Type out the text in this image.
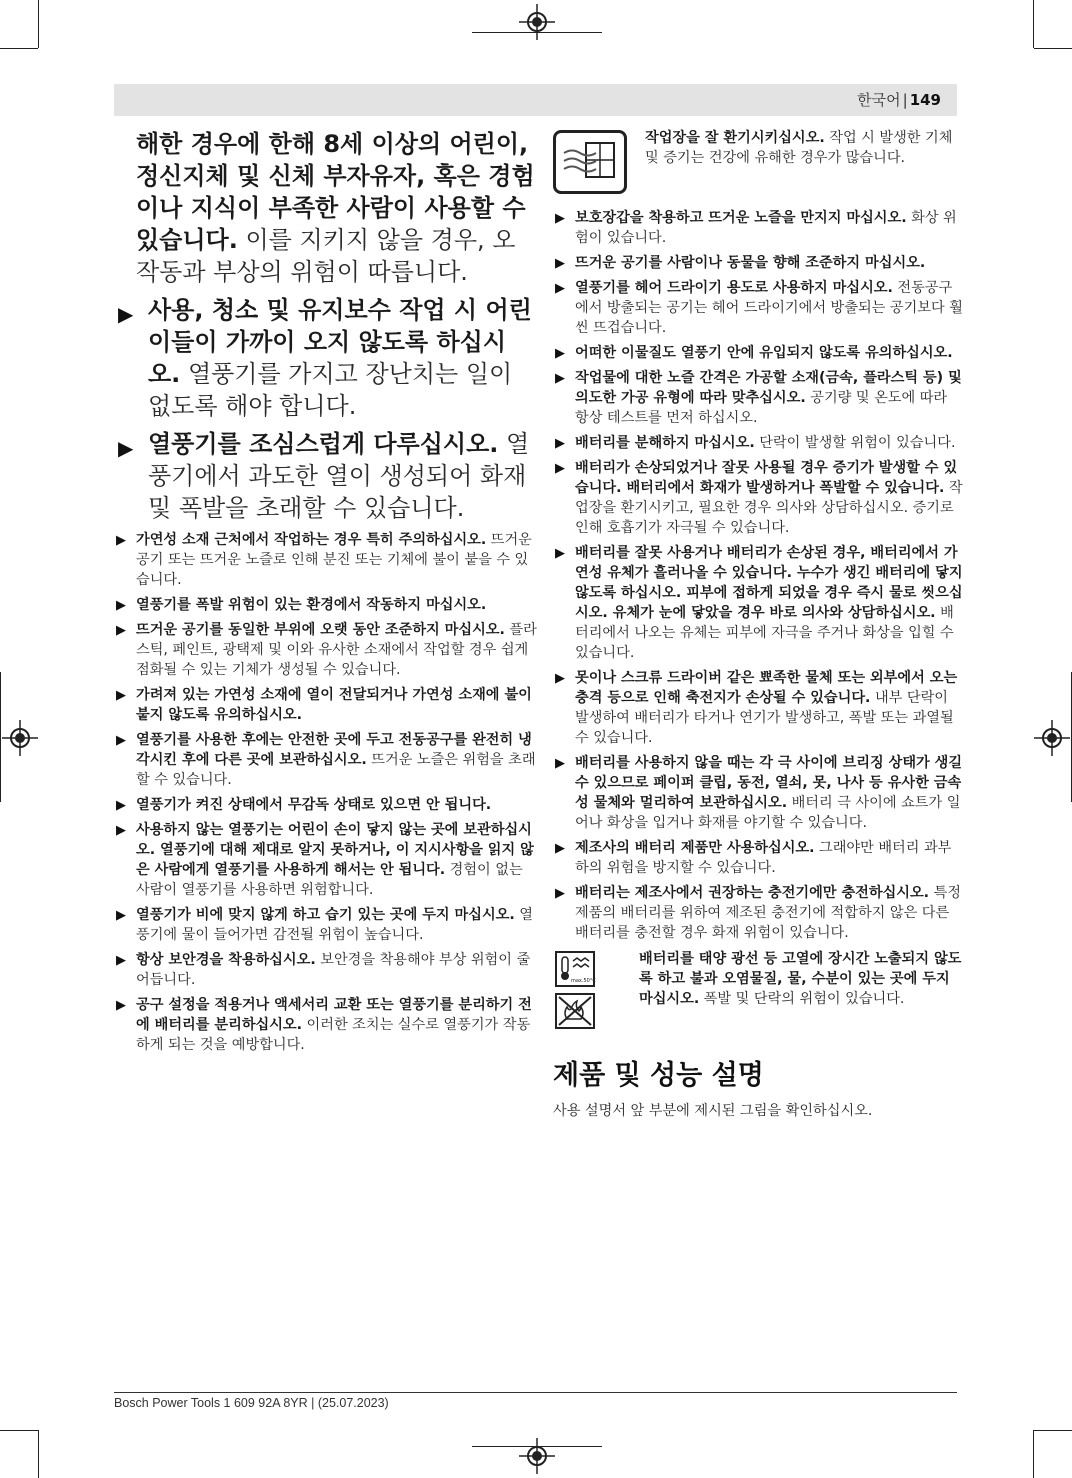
한국어 | 149
해한 경우에 한해 8세 이상의 어린이, 정신지체 및 신체 부자유자, 혹은 경험이나 지식이 부족한 사람이 사용할 수 있습니다. 이를 지키지 않을 경우, 오작동과 부상의 위험이 따릅니다.
▶ 사용, 청소 및 유지보수 작업 시 어린이들이 가까이 오지 않도록 하십시오. 열풍기를 가지고 장난치는 일이 없도록 해야 합니다.
▶ 열풍기를 조심스럽게 다루십시오. 열풍기에서 과도한 열이 생성되어 화재 및 폭발을 초래할 수 있습니다.
▶ 가연성 소재 근처에서 작업하는 경우 특히 주의하십시오. 뜨거운 공기 또는 뜨거운 노즐로 인해 분진 또는 기체에 불이 붙을 수 있습니다.
▶ 열풍기를 폭발 위험이 있는 환경에서 작동하지 마십시오.
▶ 뜨거운 공기를 동일한 부위에 오랫 동안 조준하지 마십시오. 플라스틱, 페인트, 광택제 및 이와 유사한 소재에서 작업할 경우 쉽게 점화될 수 있는 기체가 생성될 수 있습니다.
▶ 가려져 있는 가연성 소재에 열이 전달되거나 가연성 소재에 불이 붙지 않도록 유의하십시오.
▶ 열풍기를 사용한 후에는 안전한 곳에 두고 전동공구를 완전히 냉각시킨 후에 다른 곳에 보관하십시오. 뜨거운 노즐은 위험을 초래할 수 있습니다.
▶ 열풍기가 켜진 상태에서 무감독 상태로 있으면 안 됩니다.
▶ 사용하지 않는 열풍기는 어린이 손이 닿지 않는 곳에 보관하십시오. 열풍기에 대해 제대로 알지 못하거나, 이 지시사항을 읽지 않은 사람에게 열풍기를 사용하게 해서는 안 됩니다. 경험이 없는 사람이 열풍기를 사용하면 위험합니다.
▶ 열풍기가 비에 맞지 않게 하고 습기 있는 곳에 두지 마십시오. 열풍기에 물이 들어가면 감전될 위험이 높습니다.
▶ 항상 보안경을 착용하십시오. 보안경을 착용해야 부상 위험이 줄어듭니다.
▶ 공구 설정을 적용거나 액세서리 교환 또는 열풍기를 분리하기 전에 배터리를 분리하십시오. 이러한 조치는 실수로 열풍기가 작동하게 되는 것을 예방합니다.
작업장을 잘 환기시키십시오. 작업 시 발생한 기체 및 증기는 건강에 유해한 경우가 많습니다.
▶ 보호장갑을 착용하고 뜨거운 노즐을 만지지 마십시오. 화상 위험이 있습니다.
▶ 뜨거운 공기를 사람이나 동물을 향해 조준하지 마십시오.
▶ 열풍기를 헤어 드라이기 용도로 사용하지 마십시오. 전동공구에서 방출되는 공기는 헤어 드라이기에서 방출되는 공기보다 훨씬 뜨겁습니다.
▶ 어떠한 이물질도 열풍기 안에 유입되지 않도록 유의하십시오.
▶ 작업물에 대한 노즐 간격은 가공할 소재(금속, 플라스틱 등) 및 의도한 가공 유형에 따라 맞추십시오. 공기량 및 온도에 따라 항상 테스트를 먼저 하십시오.
▶ 배터리를 분해하지 마십시오. 단락이 발생할 위험이 있습니다.
▶ 배터리가 손상되었거나 잘못 사용될 경우 증기가 발생할 수 있습니다. 배터리에서 화재가 발생하거나 폭발할 수 있습니다. 작업장을 환기시키고, 필요한 경우 의사와 상담하십시오. 증기로 인해 호흡기가 자극될 수 있습니다.
▶ 배터리를 잘못 사용거나 배터리가 손상된 경우, 배터리에서 가연성 유체가 흘러나올 수 있습니다. 누수가 생긴 배터리에 닿지 않도록 하십시오. 피부에 접하게 되었을 경우 즉시 물로 씻으십시오. 유체가 눈에 닿았을 경우 바로 의사와 상담하십시오. 배터리에서 나오는 유체는 피부에 자극을 주거나 화상을 입힐 수 있습니다.
▶ 못이나 스크류 드라이버 같은 뾰족한 물체 또는 외부에서 오는 충격 등으로 인해 축전지가 손상될 수 있습니다. 내부 단락이 발생하여 배터리가 타거나 연기가 발생하고, 폭발 또는 과열될 수 있습니다.
▶ 배터리를 사용하지 않을 때는 각 극 사이에 브리징 상태가 생길 수 있으므로 페이퍼 클립, 동전, 열쇠, 못, 나사 등 유사한 금속성 물체와 멀리하여 보관하십시오. 배터리 극 사이에 쇼트가 일어나 화상을 입거나 화재를 야기할 수 있습니다.
▶ 제조사의 배터리 제품만 사용하십시오. 그래야만 배터리 과부하의 위험을 방지할 수 있습니다.
▶ 배터리는 제조사에서 권장하는 충전기에만 충전하십시오. 특정 제품의 배터리를 위하여 제조된 충전기에 적합하지 않은 다른 배터리를 충전할 경우 화재 위험이 있습니다.
max.50°C
배터리를 태양 광선 등 고열에 장시간 노출되지 않도록 하고 불과 오염물질, 물, 수분이 있는 곳에 두지 마십시오. 폭발 및 단락의 위험이 있습니다.
제품 및 성능 설명
사용 설명서 앞 부분에 제시된 그림을 확인하십시오.
Bosch Power Tools 1 609 92A 8YR | (25.07.2023)
